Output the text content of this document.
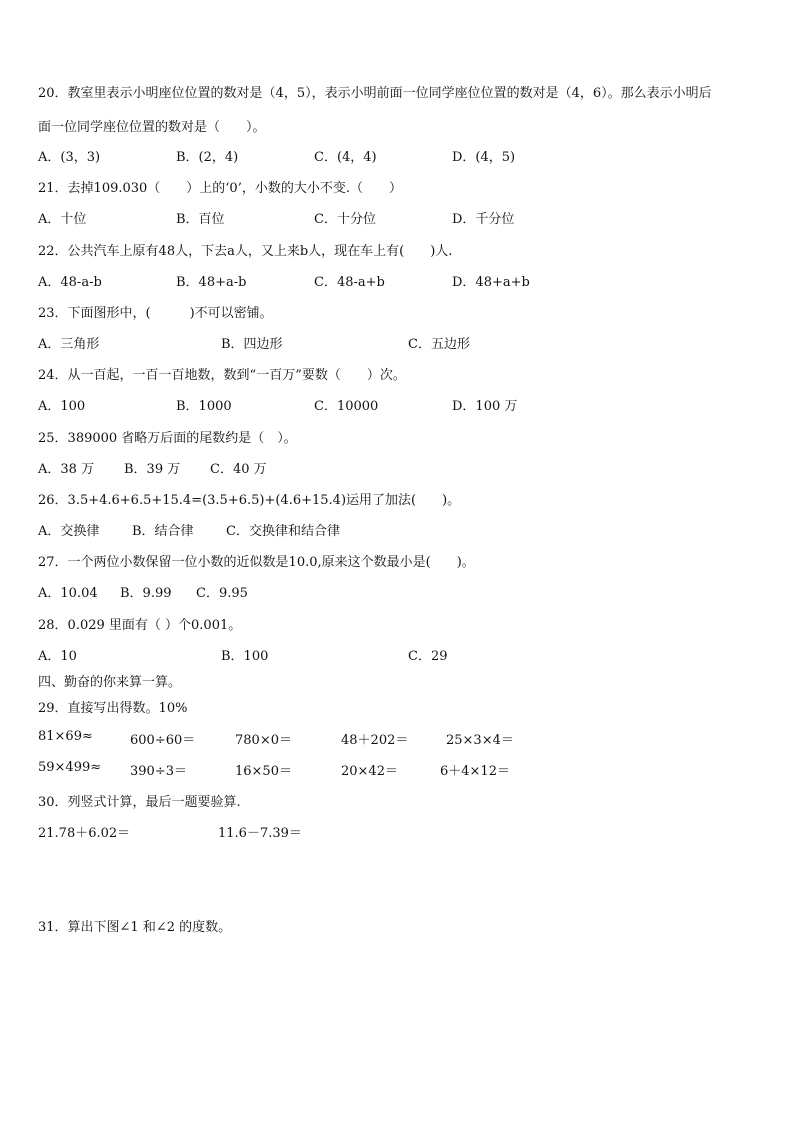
20．教室里表示小明座位位置的数对是（4，5），表示小明前面一位同学座位位置的数对是（4，6）。那么表示小明后
面一位同学座位位置的数对是（　　）。
A．(3，3)	B．(2，4)	C．(4，4)	D．(4，5)
21．去掉109.030（　　）上的‘0’，小数的大小不变.（　　）
A．十位	B．百位	C．十分位	D．千分位
22．公共汽车上原有48人，下去a人，又上来b人，现在车上有(　　)人.
A．48-a-b	B．48+a-b	C．48-a+b	D．48+a+b
23．下面图形中，(　　　)不可以密铺。
A．三角形	B．四边形	C．五边形
24．从一百起，一百一百地数，数到“一百万”要数（　　）次。
A．100	B．1000	C．10000	D．100 万
25．389000 省略万后面的尾数约是（　）。
A．38 万 B．39 万 C．40 万
26．3.5+4.6+6.5+15.4=(3.5+6.5)+(4.6+15.4)运用了加法(　　)。
A．交换律	B．结合律 C．交换律和结合律
27．一个两位小数保留一位小数的近似数是10.0,原来这个数最小是(　　)。
A．10.04 B．9.99 C．9.95
28．0.029 里面有（ ）个0.001。
A．10	B．100	C．29
四、勤奋的你来算一算。
29．直接写出得数。10%
81×69≈	600÷60＝	780×0＝	48＋202＝	25×3×4＝
59×499≈ 390÷3＝	16×50＝	20×42＝	6＋4×12＝
30．列竖式计算，最后一题要验算.
21.78＋6.02＝	11.6－7.39＝
31．算出下图∠1 和∠2 的度数。
